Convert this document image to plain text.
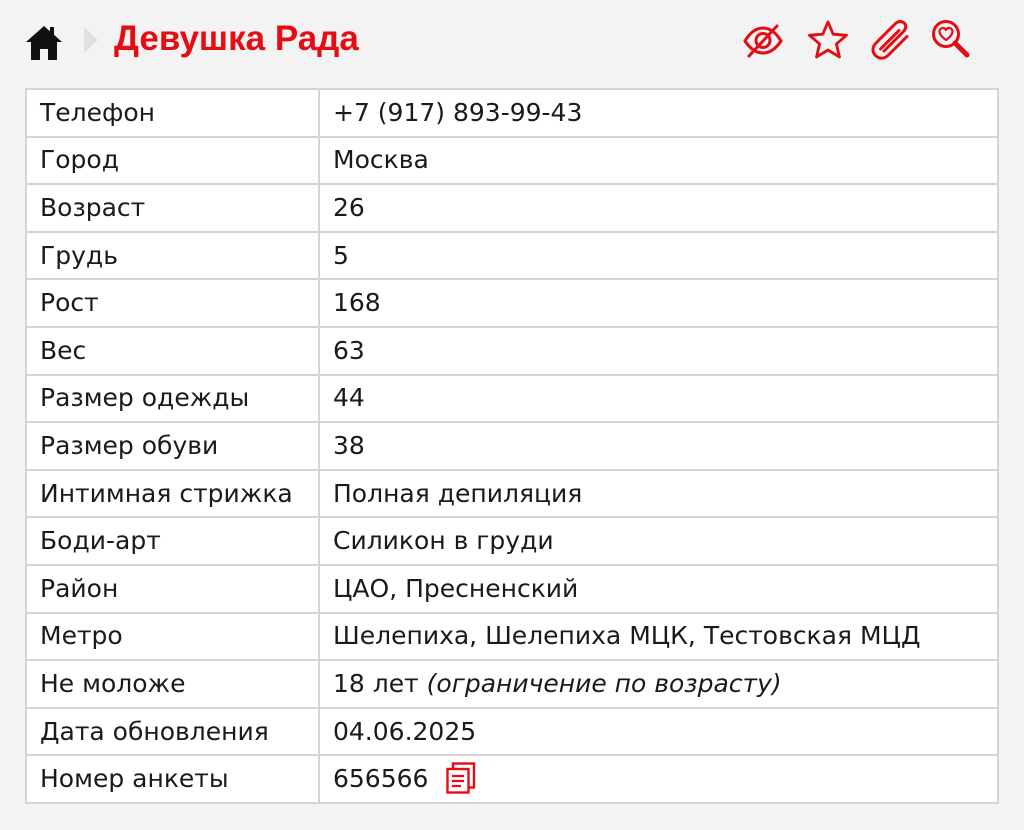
Девушка Рада
Телефон	+7 (917) 893-99-43
Город	Москва
Возраст	26
Грудь	5
Рост	168
Вес	63
Размер одежды	44
Размер обуви	38
Интимная стрижка	Полная депиляция
Боди-арт	Силикон в груди
Район	ЦАО, Пресненский
Метро	Шелепиха, Шелепиха МЦК, Тестовская МЦД
Не моложе	18 лет (ограничение по возрасту)
Дата обновления	04.06.2025
Номер анкеты	656566
